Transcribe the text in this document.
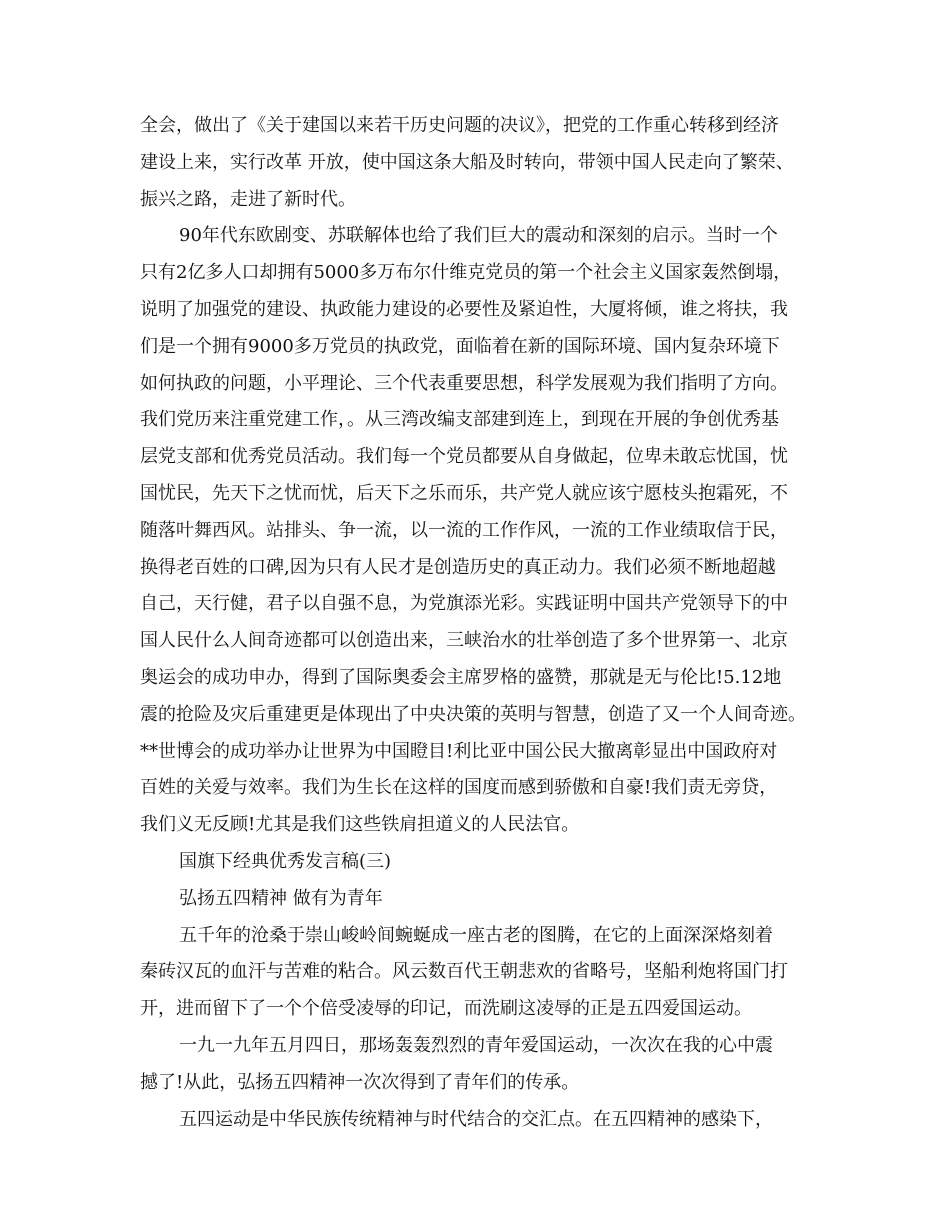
全会，做出了《关于建国以来若干历史问题的决议》，把党的工作重心转移到经济
建设上来，实行改革 开放，使中国这条大船及时转向，带领中国人民走向了繁荣、
振兴之路，走进了新时代。
90年代东欧剧变、苏联解体也给了我们巨大的震动和深刻的启示。当时一个
只有2亿多人口却拥有5000多万布尔什维克党员的第一个社会主义国家轰然倒塌，
说明了加强党的建设、执政能力建设的必要性及紧迫性，大厦将倾，谁之将扶，我
们是一个拥有9000多万党员的执政党，面临着在新的国际环境、国内复杂环境下
如何执政的问题，小平理论、三个代表重要思想，科学发展观为我们指明了方向。
我们党历来注重党建工作，。从三湾改编支部建到连上，到现在开展的争创优秀基
层党支部和优秀党员活动。我们每一个党员都要从自身做起，位卑未敢忘忧国，忧
国忧民，先天下之忧而忧，后天下之乐而乐，共产党人就应该宁愿枝头抱霜死，不
随落叶舞西风。站排头、争一流，以一流的工作作风，一流的工作业绩取信于民，
换得老百姓的口碑,因为只有人民才是创造历史的真正动力。我们必须不断地超越
自己，天行健，君子以自强不息，为党旗添光彩。实践证明中国共产党领导下的中
国人民什么人间奇迹都可以创造出来，三峡治水的壮举创造了多个世界第一、北京
奥运会的成功申办，得到了国际奥委会主席罗格的盛赞，那就是无与伦比!5.12地
震的抢险及灾后重建更是体现出了中央决策的英明与智慧，创造了又一个人间奇迹。
**世博会的成功举办让世界为中国瞪目!利比亚中国公民大撤离彰显出中国政府对
百姓的关爱与效率。我们为生长在这样的国度而感到骄傲和自豪!我们责无旁贷，
我们义无反顾!尤其是我们这些铁肩担道义的人民法官。
国旗下经典优秀发言稿(三)
弘扬五四精神 做有为青年
五千年的沧桑于崇山峻岭间蜿蜒成一座古老的图腾，在它的上面深深烙刻着
秦砖汉瓦的血汗与苦难的粘合。风云数百代王朝悲欢的省略号，坚船利炮将国门打
开，进而留下了一个个倍受凌辱的印记，而洗刷这凌辱的正是五四爱国运动。
一九一九年五月四日，那场轰轰烈烈的青年爱国运动，一次次在我的心中震
撼了!从此，弘扬五四精神一次次得到了青年们的传承。
五四运动是中华民族传统精神与时代结合的交汇点。在五四精神的感染下，
